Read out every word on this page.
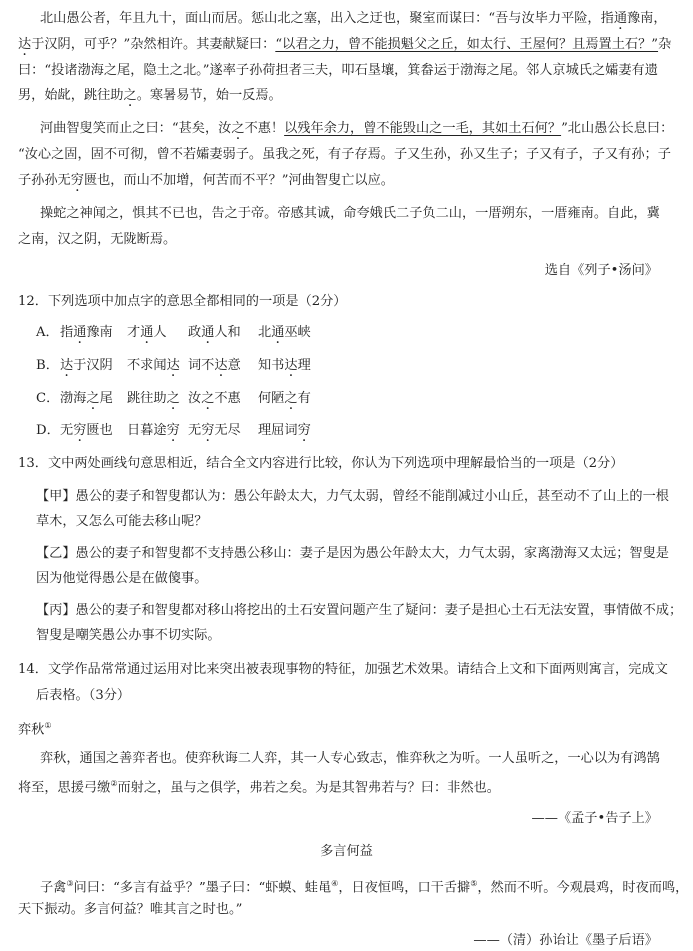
北山愚公者，年且九十，面山而居。惩山北之塞，出入之迂也，聚室而谋曰：“吾与汝毕力平险，指通豫南，
达于汉阴，可乎？”杂然相许。其妻献疑曰：“以君之力，曾不能损魁父之丘，如太行、王屋何？且焉置土石？”杂
曰：“投诸渤海之尾，隐土之北。”遂率子孙荷担者三夫，叩石垦壤，箕畚运于渤海之尾。邻人京城氏之孀妻有遗
男，始龀，跳往助之。寒暑易节，始一反焉。
河曲智叟笑而止之曰：“甚矣，汝之不惠！以残年余力，曾不能毁山之一毛，其如土石何？”北山愚公长息曰：
“汝心之固，固不可彻，曾不若孀妻弱子。虽我之死，有子存焉。子又生孙，孙又生子；子又有子，子又有孙；子
子孙孙无穷匮也，而山不加增，何苦而不平？”河曲智叟亡以应。
操蛇之神闻之，惧其不已也，告之于帝。帝感其诚，命夸娥氏二子负二山，一厝朔东，一厝雍南。自此，冀
之南，汉之阴，无陇断焉。
选自《列子•汤问》
12．下列选项中加点字的意思全都相同的一项是（2分）
A． 指通豫南 才通人 政通人和 北通巫峡
B． 达于汉阴 不求闻达 词不达意 知书达理
C． 渤海之尾 跳往助之 汝之不惠 何陋之有
D． 无穷匮也 日暮途穷 无穷无尽 理屈词穷
13．文中两处画线句意思相近，结合全文内容进行比较，你认为下列选项中理解最恰当的一项是（2分）
【甲】愚公的妻子和智叟都认为：愚公年龄太大，力气太弱，曾经不能削减过小山丘，甚至动不了山上的一根
草木，又怎么可能去移山呢？
【乙】愚公的妻子和智叟都不支持愚公移山：妻子是因为愚公年龄太大，力气太弱，家离渤海又太远；智叟是
因为他觉得愚公是在做傻事。
【丙】愚公的妻子和智叟都对移山将挖出的土石安置问题产生了疑问：妻子是担心土石无法安置，事情做不成；
智叟是嘲笑愚公办事不切实际。
14．文学作品常常通过运用对比来突出被表现事物的特征，加强艺术效果。请结合上文和下面两则寓言，完成文
后表格。（3分）
弈秋①
弈秋，通国之善弈者也。使弈秋诲二人弈，其一人专心致志，惟弈秋之为听。一人虽听之，一心以为有鸿鹄
将至，思援弓缴②而射之，虽与之俱学，弗若之矣。为是其智弗若与？曰：非然也。
——《孟子•告子上》
多言何益
子禽③问曰：“多言有益乎？”墨子曰：“虾蟆、蛙黾④，日夜恒鸣，口干舌擗⑤，然而不听。今观晨鸡，时夜而鸣，
天下振动。多言何益？唯其言之时也。”
——（清）孙诒让《墨子后语》
